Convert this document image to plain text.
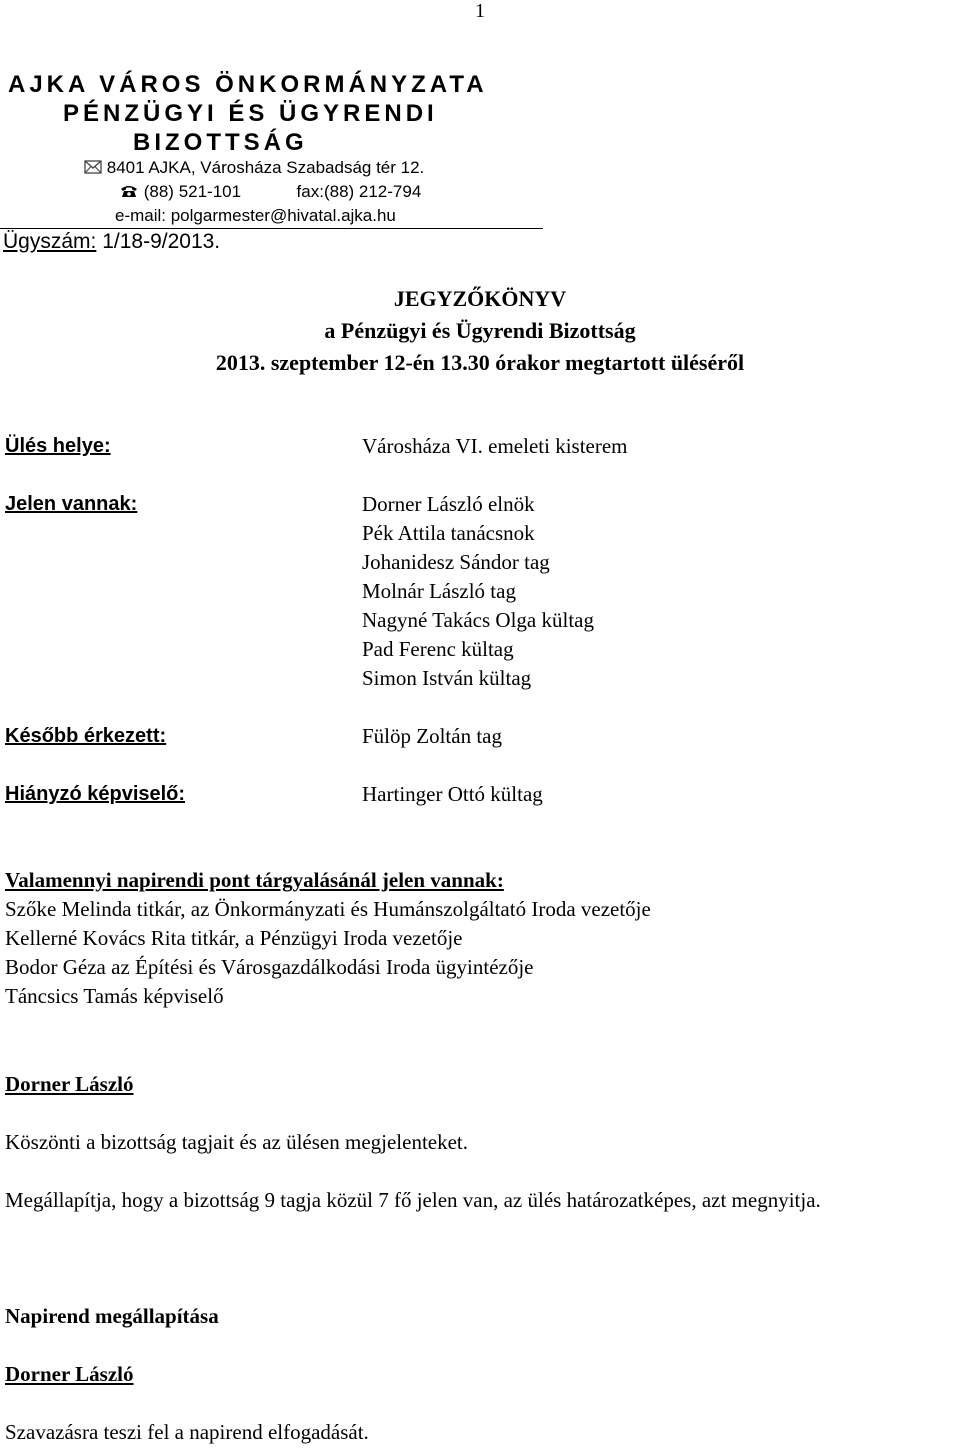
1
AJKA VÁROS ÖNKORMÁNYZATA
PÉNZÜGYI ÉS ÜGYRENDI
BIZOTTSÁG
8401 AJKA, Városháza Szabadság tér 12.
(88) 521-101	fax:(88) 212-794
e-mail: polgarmester@hivatal.ajka.hu
Ügyszám: 1/18-9/2013.
JEGYZŐKÖNYV
a Pénzügyi és Ügyrendi Bizottság
2013. szeptember 12-én 13.30 órakor megtartott üléséről
Ülés helye:	Városháza VI. emeleti kisterem
Jelen vannak:	Dorner László elnök
Pék Attila tanácsnok
Johanidesz Sándor tag
Molnár László tag
Nagyné Takács Olga kültag
Pad Ferenc kültag
Simon István kültag
Később érkezett:	Fülöp Zoltán tag
Hiányzó képviselő:	Hartinger Ottó kültag
Valamennyi napirendi pont tárgyalásánál jelen vannak:
Szőke Melinda titkár, az Önkormányzati és Humánszolgáltató Iroda vezetője
Kellerné Kovács Rita titkár, a Pénzügyi Iroda vezetője
Bodor Géza az Építési és Városgazdálkodási Iroda ügyintézője
Táncsics Tamás képviselő
Dorner László
Köszönti a bizottság tagjait és az ülésen megjelenteket.
Megállapítja, hogy a bizottság 9 tagja közül 7 fő jelen van, az ülés határozatképes, azt megnyitja.
Napirend megállapítása
Dorner László
Szavazásra teszi fel a napirend elfogadását.
